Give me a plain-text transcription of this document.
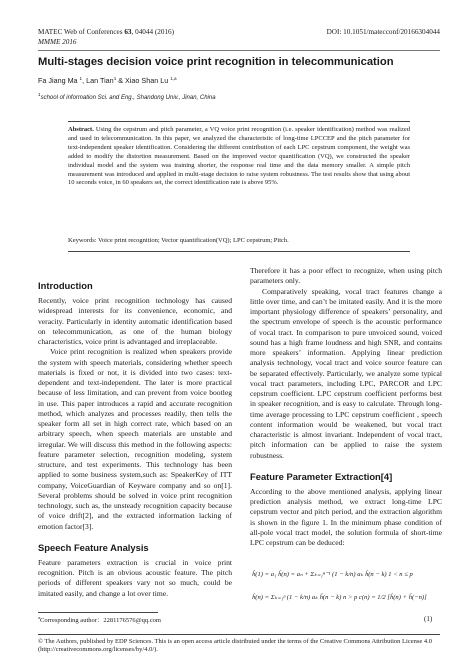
MATEC Web of Conferences 63, 04044 (2016)	DOI: 10.1051/matecconf/20166304044
MMME 2016
Multi-stages decision voice print recognition in telecommunication
Fa Jiang Ma $^1$, Lan Tian$^1$ & Xiao Shan Lu $^{1,a}$
$^1$school of information Sci. and Eng., Shandong Univ., Jinan, China
Abstract. Using the cepstrum and pitch parameter, a VQ voice print recognition (i.e. speaker identification) method was realized and used in telecommunication. In this paper, we analyzed the characteristic of long-time LPCCEP and the pitch parameter for text-independent speaker identification. Considering the different contribution of each LPC cepstrum component, the weight was added to modify the distortion measurement. Based on the improved vector quantification (VQ), we constructed the speaker individual model and the system was training shorter, the response real time and the data memory smaller. A simple pitch measurement was introduced and applied in multi-stage decision to raise system robustness. The test results show that using about 10 seconds voice, in 60 speakers set, the correct identification rate is above 95%.
Keywords: Voice print recognition; Vector quantification(VQ); LPC cepstrum; Pitch.
Introduction

Recently, voice print recognition technology has caused widespread interests for its convenience, economic, and veracity. Particularly in identity automatic identification based on telecommunication, as one of the human biology characteristics, voice print is advantaged and irreplaceable.

Voice print recognition is realized when speakers provide the system with speech materials, considering whether speech materials is fixed or not, it is divided into two cases: text-dependent and text-independent. The later is more practical because of less limitation, and can prevent from voice bootleg in use. This paper introduces a rapid and accurate recognition method, which analyzes and processes readily, then tells the speaker form all set in high correct rate, which based on an arbitrary speech, when speech materials are unstable and irregular. We will discuss this method in the following aspects: feature parameter selection, recognition modeling, system structure, and test experiments. This technology has been applied to some business system,such as: SpeakerKey of ITT company, VoiceGuardian of Keyware company and so on[1]. Several problems should be solved in voice print recognition technology, such as, the unsteady recognition capacity because of voice drift[2], and the extracted information lacking of emotion factor[3].

Speech Feature Analysis

Feature parameters extraction is crucial in voice print recognition. Pitch is an obvious acoustic feature. The pitch periods of different speakers vary not so much, could be imitated easily, and change a lot over time.

Therefore it has a poor effect to recognize, when using pitch parameters only.

Comparatively speaking, vocal tract features change a little over time, and can’t be imitated easily. And it is the more important physiology difference of speakers’ personality, and the spectrum envelope of speech is the acoustic performance of vocal tract. In comparison to pure unvoiced sound, voiced sound has a high frame loudness and high SNR, and contains more speakers’ information. Applying linear prediction analysis technology, vocal tract and voice source feature can be separated effectively. Particularly, we analyze some typical vocal tract parameters, including LPC, PARCOR and LPC cepstrum coefficient. LPC cepstrum coefficient performs best in speaker recognition, and is easy to calculate. Through long-time average processing to LPC cepstrum coefficient , speech content information would be weakened, but vocal tract characteristic is almost invariant. Independent of vocal tract, pitch information can be applied to raise the system robustness.

Feature Parameter Extraction[4]

According to the above mentioned analysis, applying linear prediction analysis method, we extract long-time LPC cepstrum vector and pitch period, and the extraction algorithm is shown in the figure 1. In the minimum phase condition of all-pole vocal tract model, the solution formula of short-time LPC cepstrum can be deduced:

ĥ(1) = a₁ ĥ(n) = aₙ + Σₖ₌₁ⁿ⁻¹ (1 − k/n) aₖ ĥ(n − k) 1 < n ≤ p
ĥ(n) = Σₖ₌₁ᵖ (1 − k/n) aₖ ĥ(n − k) n > p c(n) = 1/2 [ĥ(n) + ĥ(−n)]
(1)
$^a$Corresponding author：2281176576@qq.com
© The Authors, published by EDP Sciences. This is an open access article distributed under the terms of the Creative Commons Attribution License 4.0 (http://creativecommons.org/licenses/by/4.0/).
